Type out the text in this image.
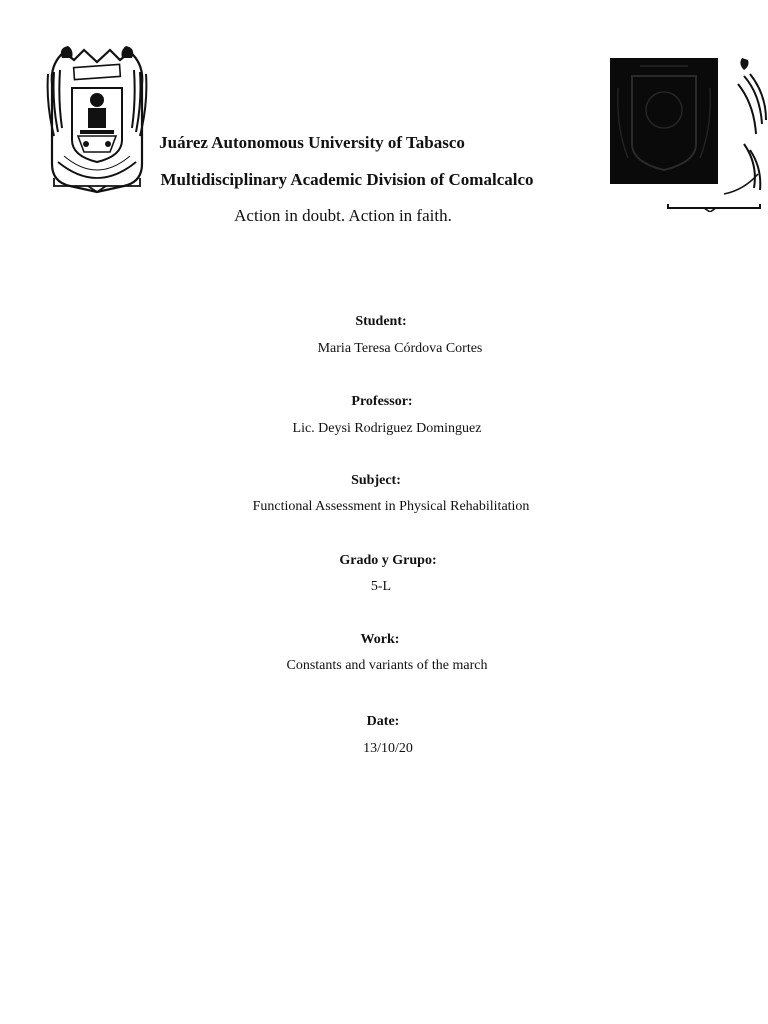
Juárez Autonomous University of Tabasco
Multidisciplinary Academic Division of Comalcalco
Action in doubt. Action in faith.
Student:
Maria Teresa Córdova Cortes
Professor:
Lic. Deysi Rodriguez Dominguez
Subject:
Functional Assessment in Physical Rehabilitation
Grado y Grupo:
5-L
Work:
Constants and variants of the march
Date:
13/10/20
